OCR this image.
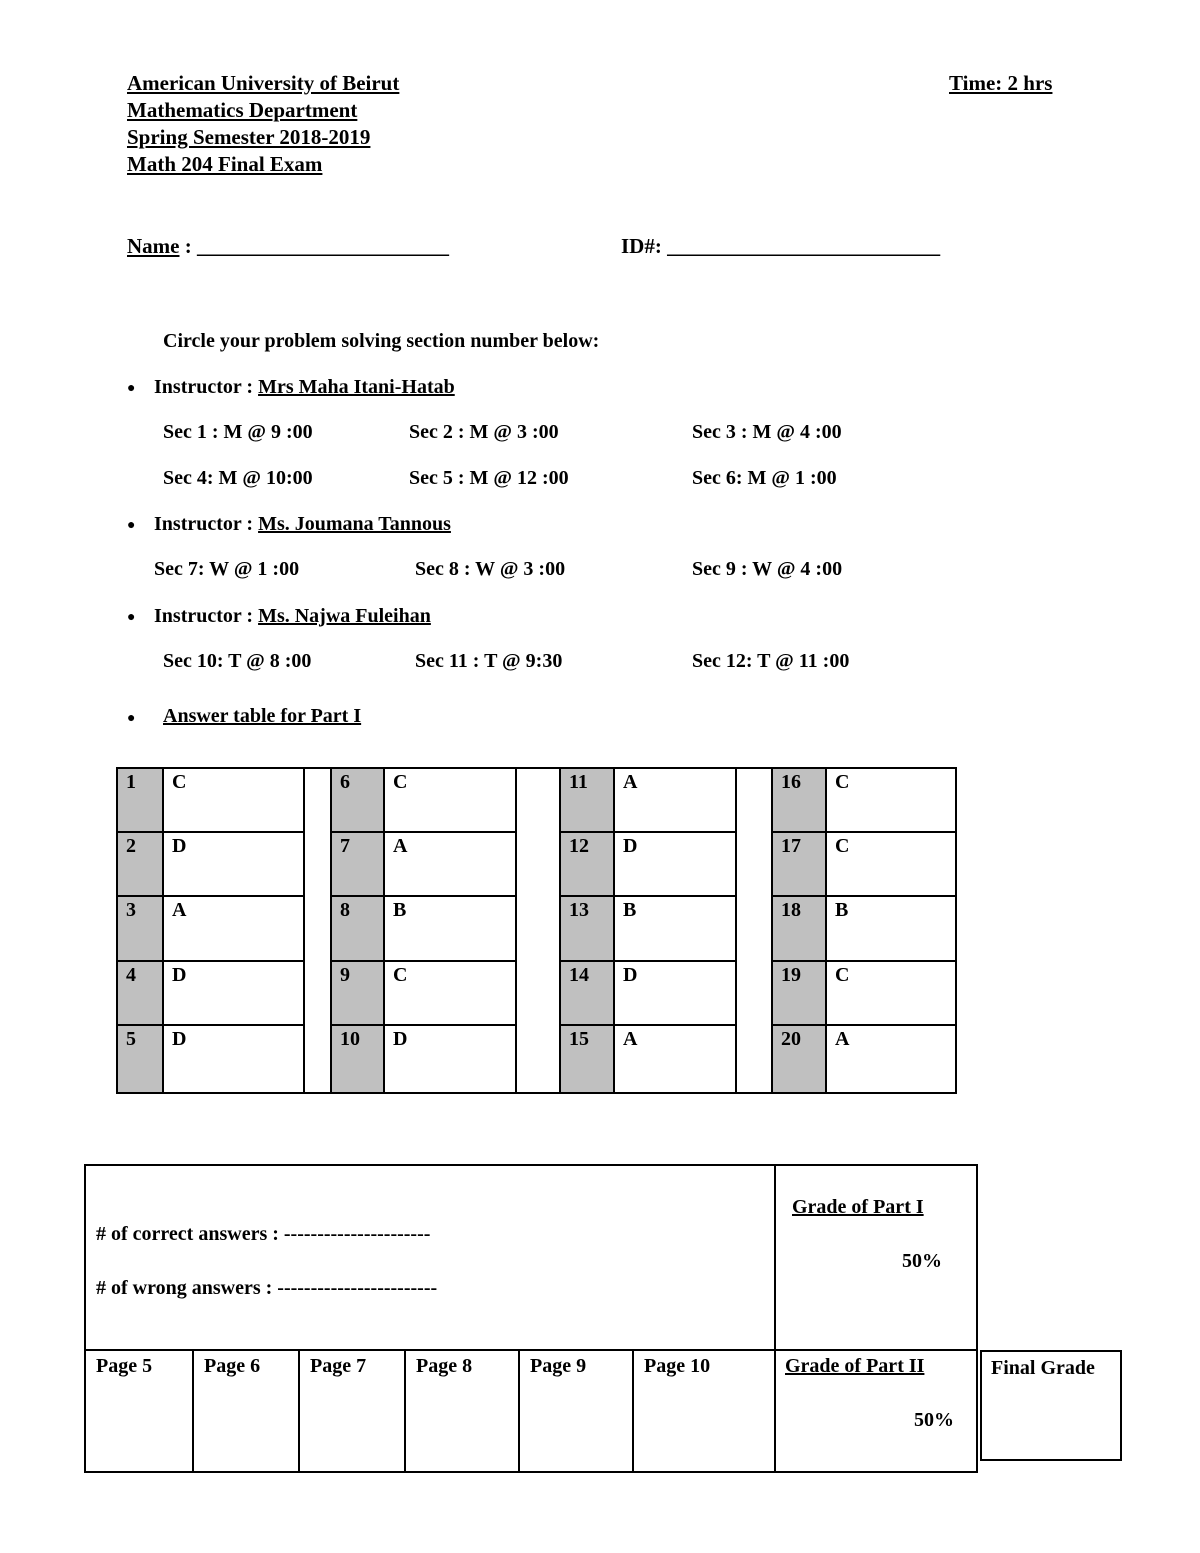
American University of Beirut
Mathematics Department
Spring Semester 2018-2019
Math 204 Final Exam
Time: 2 hrs
Name : ________________________	ID#: __________________________
Circle your problem solving section number below:
● Instructor : Mrs Maha Itani-Hatab
Sec 1 : M @ 9 :00	Sec 2 : M @ 3 :00	Sec 3 : M @ 4 :00
Sec 4: M @ 10:00	Sec 5 : M @ 12 :00	Sec 6: M @ 1 :00
● Instructor : Ms. Joumana Tannous
Sec 7: W @ 1 :00	Sec 8 : W @ 3 :00	Sec 9 : W @ 4 :00
● Instructor : Ms. Najwa Fuleihan
Sec 10: T @ 8 :00	Sec 11 : T @ 9:30	Sec 12: T @ 11 :00
● Answer table for Part I
1 C	6 C	11 A	16 C
2 D	7 A	12 D	17 C
3 A	8 B	13 B	18 B
4 D	9 C	14 D	19 C
5 D	10 D	15 A	20 A
# of correct answers : ----------------------
# of wrong answers : ------------------------
Grade of Part I
50%
Page 5	Page 6 Page 7 Page 8	Page 9	Page 10	Grade of Part II
50%
Final Grade
